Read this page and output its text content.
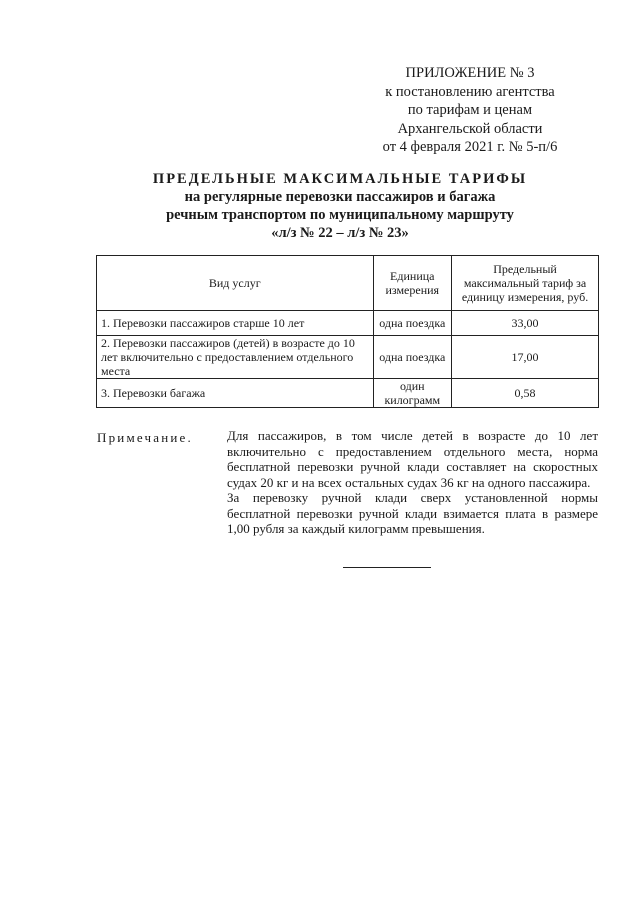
ПРИЛОЖЕНИЕ № 3
к постановлению агентства
по тарифам и ценам
Архангельской области
от 4 февраля 2021 г. № 5-п/6
ПРЕДЕЛЬНЫЕ МАКСИМАЛЬНЫЕ ТАРИФЫ
на регулярные перевозки пассажиров и багажа
речным транспортом по муниципальному маршруту
«л/з № 22 – л/з № 23»
Вид услуг	Единица измерения	Предельный максимальный тариф за единицу измерения, руб.
1. Перевозки пассажиров старше 10 лет	одна поездка	33,00
2. Перевозки пассажиров (детей) в возрасте до 10 лет включительно с предоставлением отдельного места	одна поездка	17,00
3. Перевозки багажа	один килограмм	0,58
Примечание.	Для пассажиров, в том числе детей в возрасте до 10 лет включительно с предоставлением отдельного места, норма бесплатной перевозки ручной клади составляет на скоростных судах 20 кг и на всех остальных судах 36 кг на одного пассажира.

За перевозку ручной клади сверх установленной нормы бесплатной перевозки ручной клади взимается плата в размере 1,00 рубля за каждый килограмм превышения.
